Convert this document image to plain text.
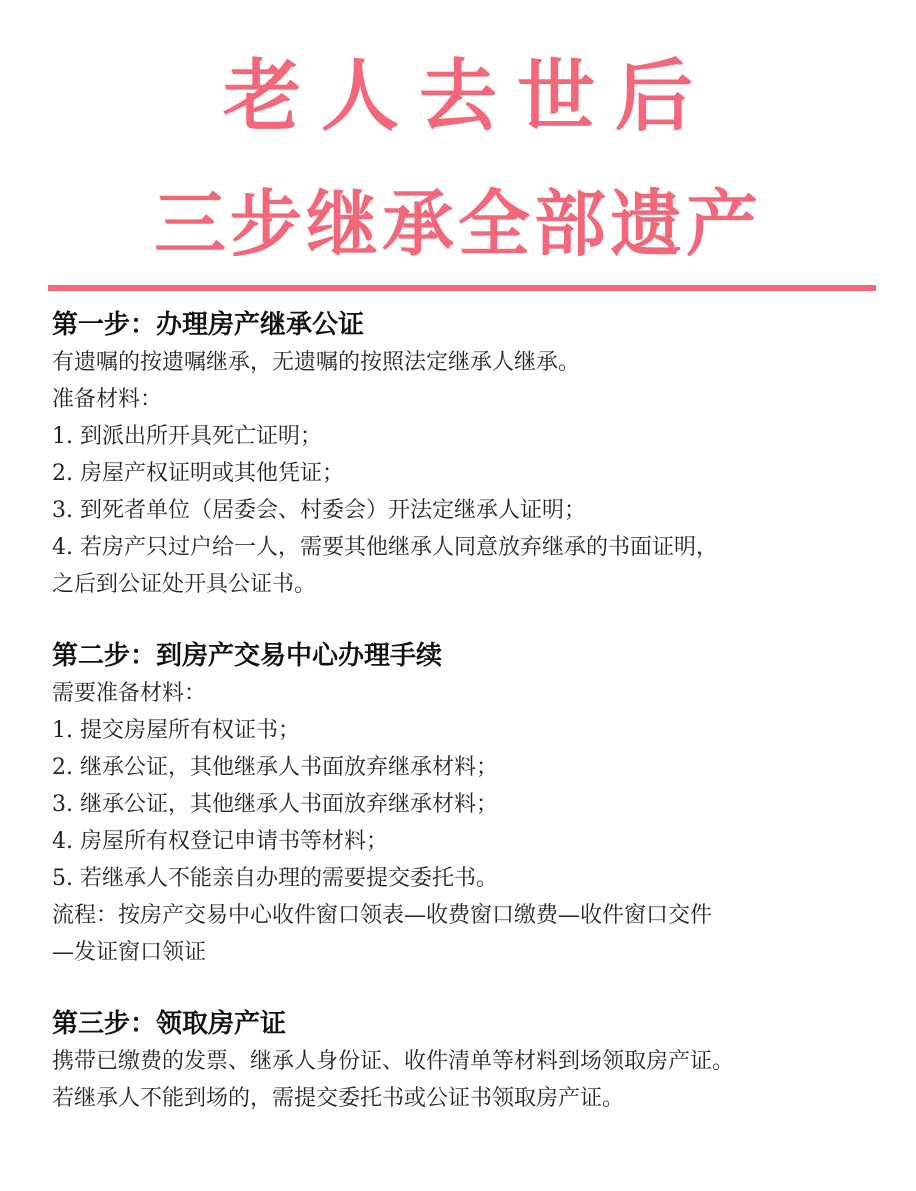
老人去世后
三步继承全部遗产
第一步：办理房产继承公证

有遗嘱的按遗嘱继承，无遗嘱的按照法定继承人继承。

准备材料：

1. 到派出所开具死亡证明；

2. 房屋产权证明或其他凭证；

3. 到死者单位（居委会、村委会）开法定继承人证明；

4. 若房产只过户给一人，需要其他继承人同意放弃继承的书面证明，

之后到公证处开具公证书。

第二步：到房产交易中心办理手续

需要准备材料：

1. 提交房屋所有权证书；

2. 继承公证，其他继承人书面放弃继承材料；

3. 继承公证，其他继承人书面放弃继承材料；

4. 房屋所有权登记申请书等材料；

5. 若继承人不能亲自办理的需要提交委托书。

流程：按房产交易中心收件窗口领表—收费窗口缴费—收件窗口交件

—发证窗口领证

第三步：领取房产证

携带已缴费的发票、继承人身份证、收件清单等材料到场领取房产证。

若继承人不能到场的，需提交委托书或公证书领取房产证。
